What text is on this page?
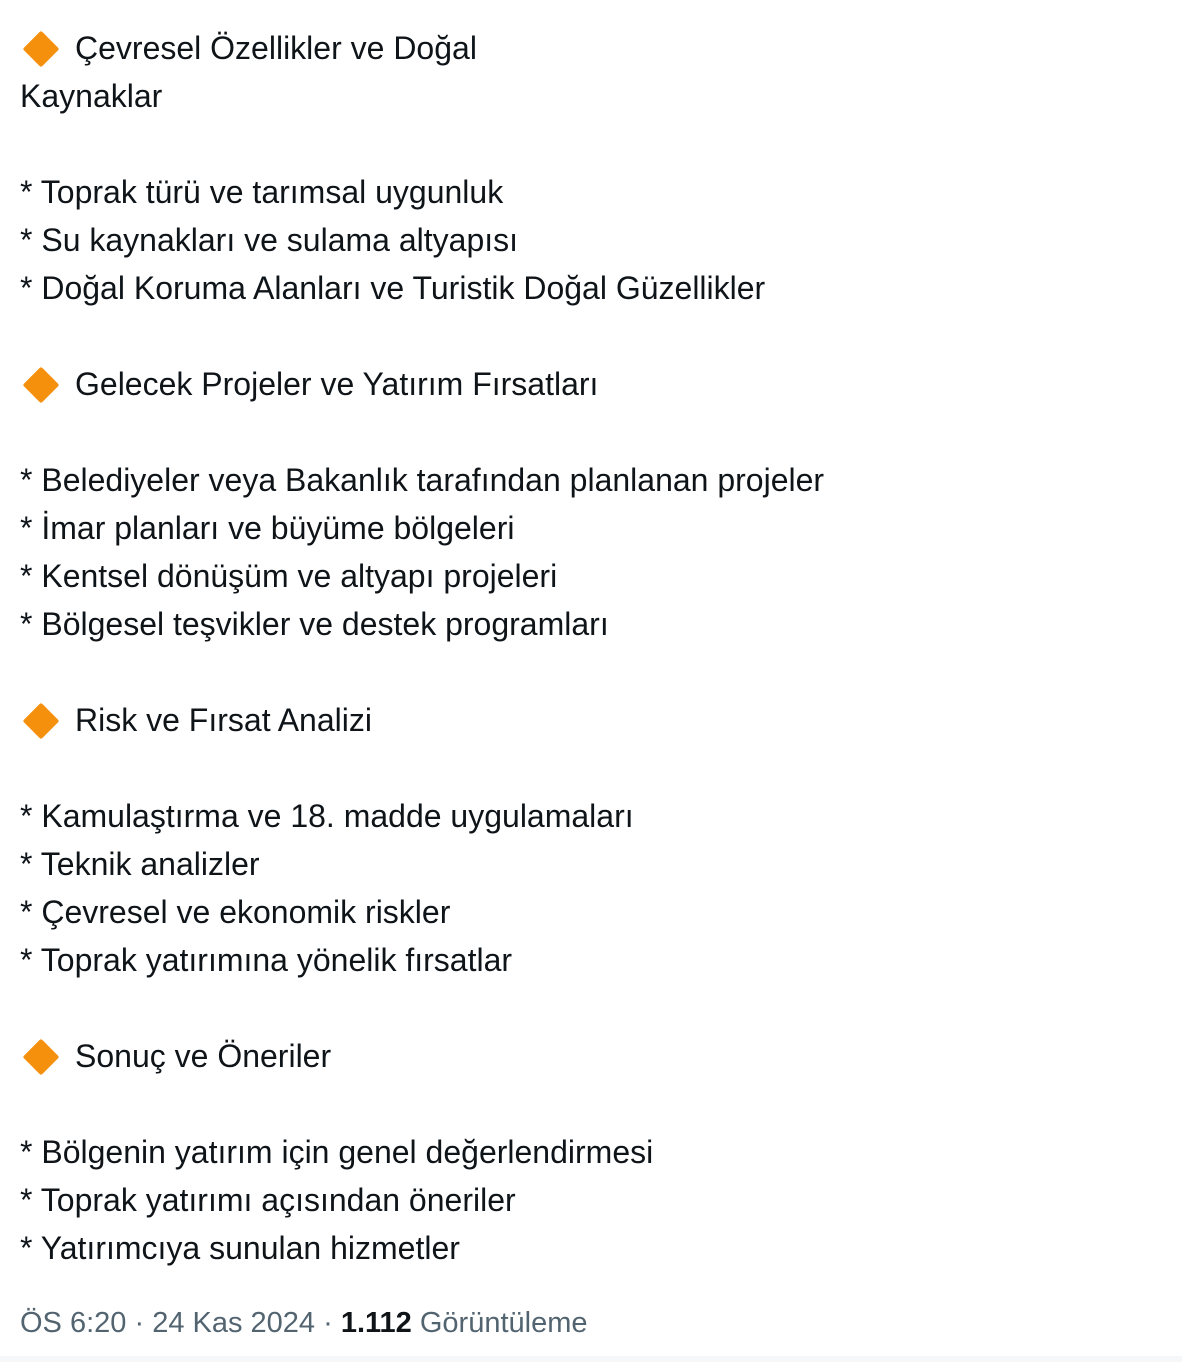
Çevresel Özellikler ve Doğal
Kaynaklar
* Toprak türü ve tarımsal uygunluk
* Su kaynakları ve sulama altyapısı
* Doğal Koruma Alanları ve Turistik Doğal Güzellikler
Gelecek Projeler ve Yatırım Fırsatları
* Belediyeler veya Bakanlık tarafından planlanan projeler
* İmar planları ve büyüme bölgeleri
* Kentsel dönüşüm ve altyapı projeleri
* Bölgesel teşvikler ve destek programları
Risk ve Fırsat Analizi
* Kamulaştırma ve 18. madde uygulamaları
* Teknik analizler
* Çevresel ve ekonomik riskler
* Toprak yatırımına yönelik fırsatlar
Sonuç ve Öneriler
* Bölgenin yatırım için genel değerlendirmesi
* Toprak yatırımı açısından öneriler
* Yatırımcıya sunulan hizmetler
ÖS 6:20 · 24 Kas 2024 · 1.112 Görüntüleme
